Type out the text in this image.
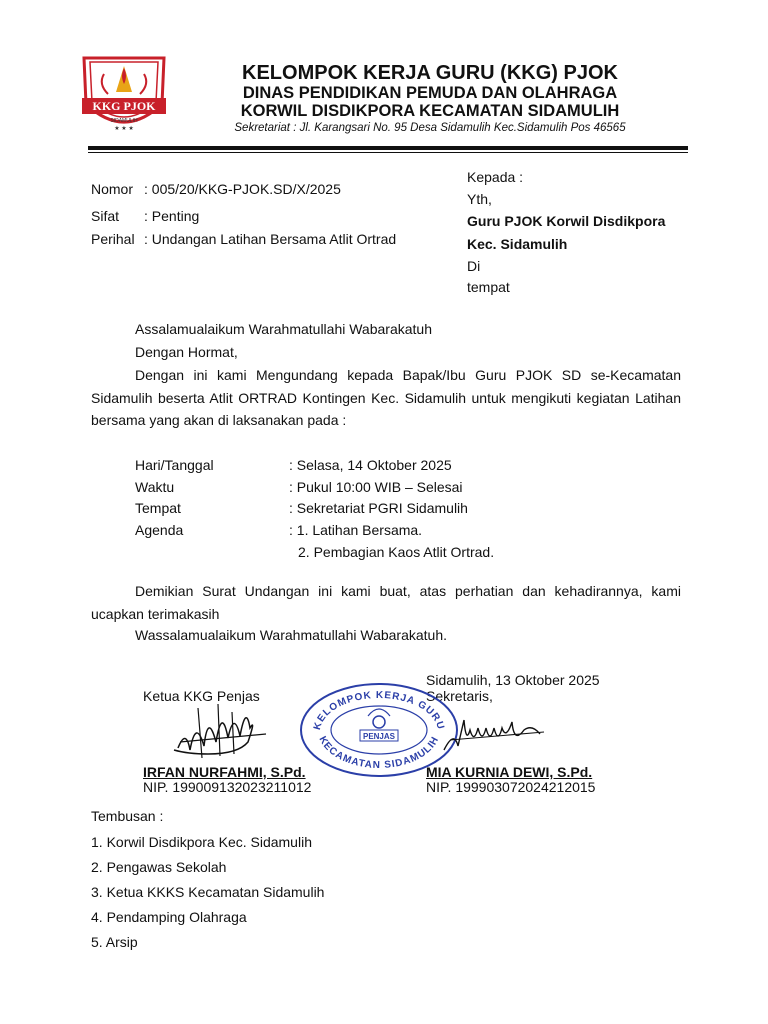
KKG PJOK
SIDAMULIH
★ ★ ★
KELOMPOK KERJA GURU (KKG) PJOK
DINAS PENDIDIKAN PEMUDA DAN OLAHRAGA
KORWIL DISDIKPORA KECAMATAN SIDAMULIH
Sekretariat : Jl. Karangsari No. 95 Desa Sidamulih Kec.Sidamulih Pos 46565
Nomor : 005/20/KKG-PJOK.SD/X/2025
Sifat : Penting
Perihal : Undangan Latihan Bersama Atlit Ortrad
Kepada :
Yth,
Guru PJOK Korwil Disdikpora
Kec. Sidamulih
Di
tempat
Assalamualaikum Warahmatullahi Wabarakatuh
Dengan Hormat,
Dengan ini kami Mengundang kepada Bapak/Ibu Guru PJOK SD se-Kecamatan Sidamulih beserta Atlit ORTRAD Kontingen Kec. Sidamulih untuk mengikuti kegiatan Latihan bersama yang akan di laksanakan pada :
Hari/Tanggal	: Selasa, 14 Oktober 2025
Waktu	: Pukul 10:00 WIB – Selesai
Tempat	: Sekretariat PGRI Sidamulih
Agenda	: 1. Latihan Bersama.
2. Pembagian Kaos Atlit Ortrad.
Demikian Surat Undangan ini kami buat, atas perhatian dan kehadirannya, kami ucapkan terimakasih
Wassalamualaikum Warahmatullahi Wabarakatuh.
Sidamulih, 13 Oktober 2025
Ketua KKG Penjas	Sekretaris,
KELOMPOK KERJA GURU
KECAMATAN SIDAMULIH
PENJAS
IRFAN NURFAHMI, S.Pd.
NIP. 199009132023211012
MIA KURNIA DEWI, S.Pd.
NIP. 199903072024212015
Tembusan :
1. Korwil Disdikpora Kec. Sidamulih
2. Pengawas Sekolah
3. Ketua KKKS Kecamatan Sidamulih
4. Pendamping Olahraga
5. Arsip
